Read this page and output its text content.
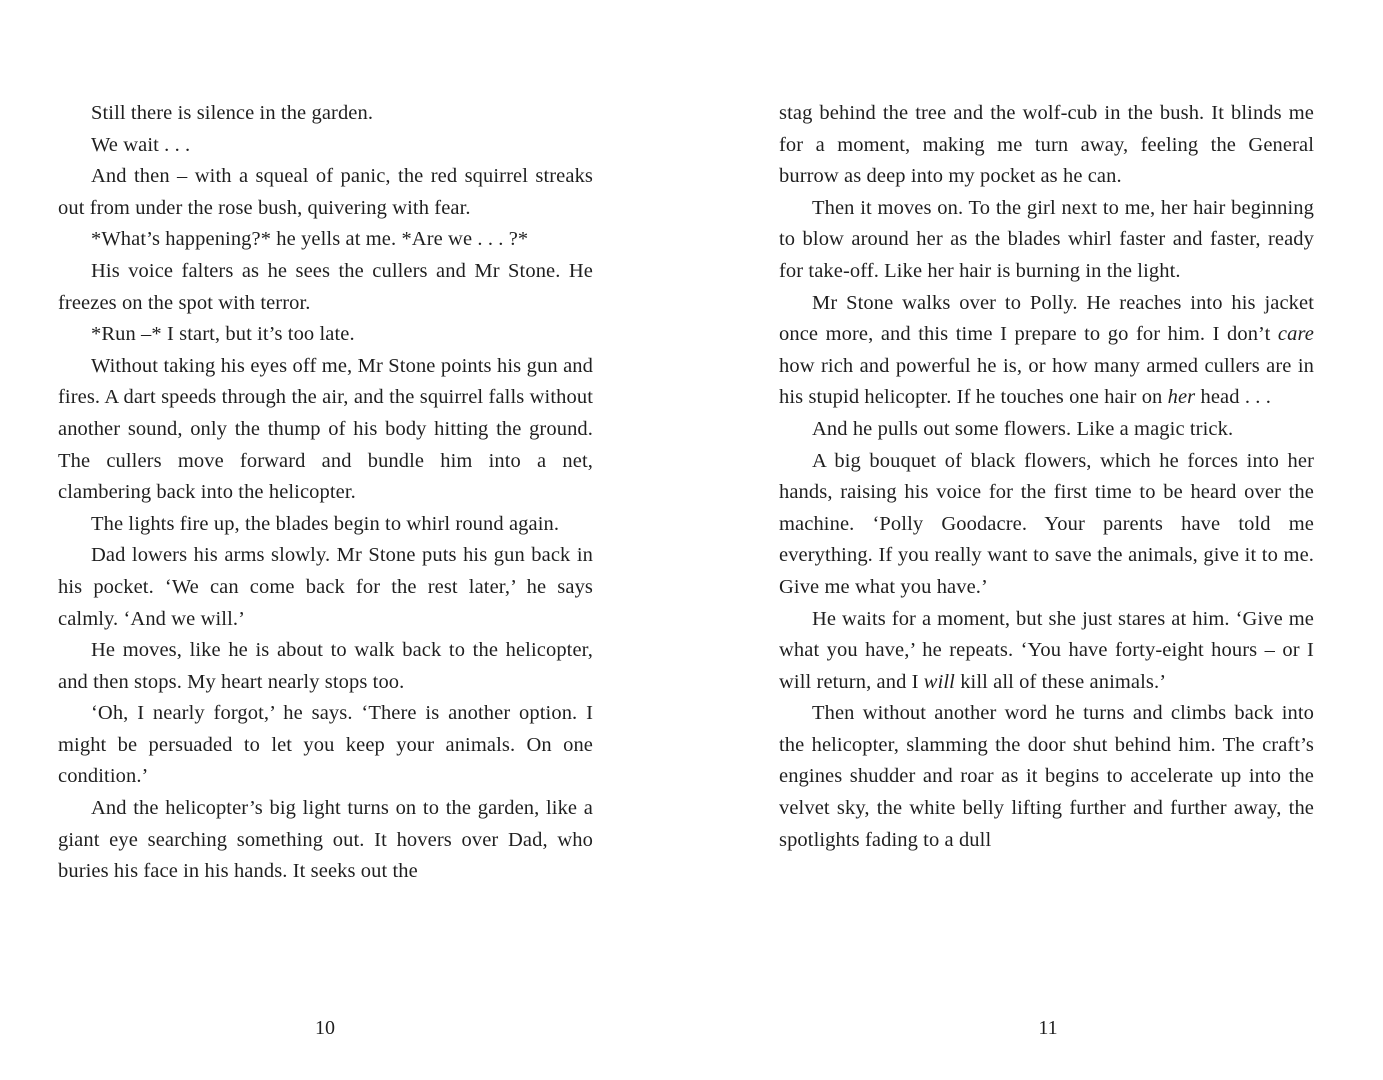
Still there is silence in the garden.

We wait . . .

And then – with a squeal of panic, the red squirrel streaks out from under the rose bush, quivering with fear.

*What’s happening?* he yells at me. *Are we . . . ?*

His voice falters as he sees the cullers and Mr Stone. He freezes on the spot with terror.

*Run –* I start, but it’s too late.

Without taking his eyes off me, Mr Stone points his gun and fires. A dart speeds through the air, and the squirrel falls without another sound, only the thump of his body hitting the ground. The cullers move forward and bundle him into a net, clambering back into the helicopter.

The lights fire up, the blades begin to whirl round again.

Dad lowers his arms slowly. Mr Stone puts his gun back in his pocket. ‘We can come back for the rest later,’ he says calmly. ‘And we will.’

He moves, like he is about to walk back to the helicopter, and then stops. My heart nearly stops too.

‘Oh, I nearly forgot,’ he says. ‘There is another option. I might be persuaded to let you keep your animals. On one condition.’

And the helicopter’s big light turns on to the garden, like a giant eye searching something out. It hovers over Dad, who buries his face in his hands. It seeks out the

10

stag behind the tree and the wolf-cub in the bush. It blinds me for a moment, making me turn away, feeling the General burrow as deep into my pocket as he can.

Then it moves on. To the girl next to me, her hair beginning to blow around her as the blades whirl faster and faster, ready for take-off. Like her hair is burning in the light.

Mr Stone walks over to Polly. He reaches into his jacket once more, and this time I prepare to go for him. I don’t care how rich and powerful he is, or how many armed cullers are in his stupid helicopter. If he touches one hair on her head . . .

And he pulls out some flowers. Like a magic trick.

A big bouquet of black flowers, which he forces into her hands, raising his voice for the first time to be heard over the machine. ‘Polly Goodacre. Your parents have told me everything. If you really want to save the animals, give it to me. Give me what you have.’

He waits for a moment, but she just stares at him. ‘Give me what you have,’ he repeats. ‘You have forty-eight hours – or I will return, and I will kill all of these animals.’

Then without another word he turns and climbs back into the helicopter, slamming the door shut behind him. The craft’s engines shudder and roar as it begins to accelerate up into the velvet sky, the white belly lifting further and further away, the spotlights fading to a dull

11
